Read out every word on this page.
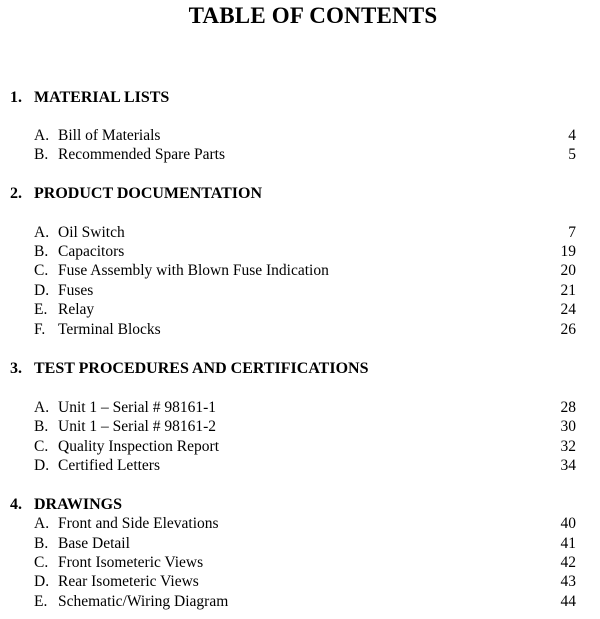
TABLE OF CONTENTS
1. MATERIAL LISTS
A. Bill of Materials	4
B. Recommended Spare Parts	5
2. PRODUCT DOCUMENTATION
A. Oil Switch	7
B. Capacitors	19
C. Fuse Assembly with Blown Fuse Indication	20
D. Fuses	21
E. Relay	24
F. Terminal Blocks	26
3. TEST PROCEDURES AND CERTIFICATIONS
A. Unit 1 – Serial # 98161-1	28
B. Unit 1 – Serial # 98161-2	30
C. Quality Inspection Report	32
D. Certified Letters	34
4. DRAWINGS
A. Front and Side Elevations	40
B. Base Detail	41
C. Front Isometeric Views	42
D. Rear Isometeric Views	43
E. Schematic/Wiring Diagram	44
